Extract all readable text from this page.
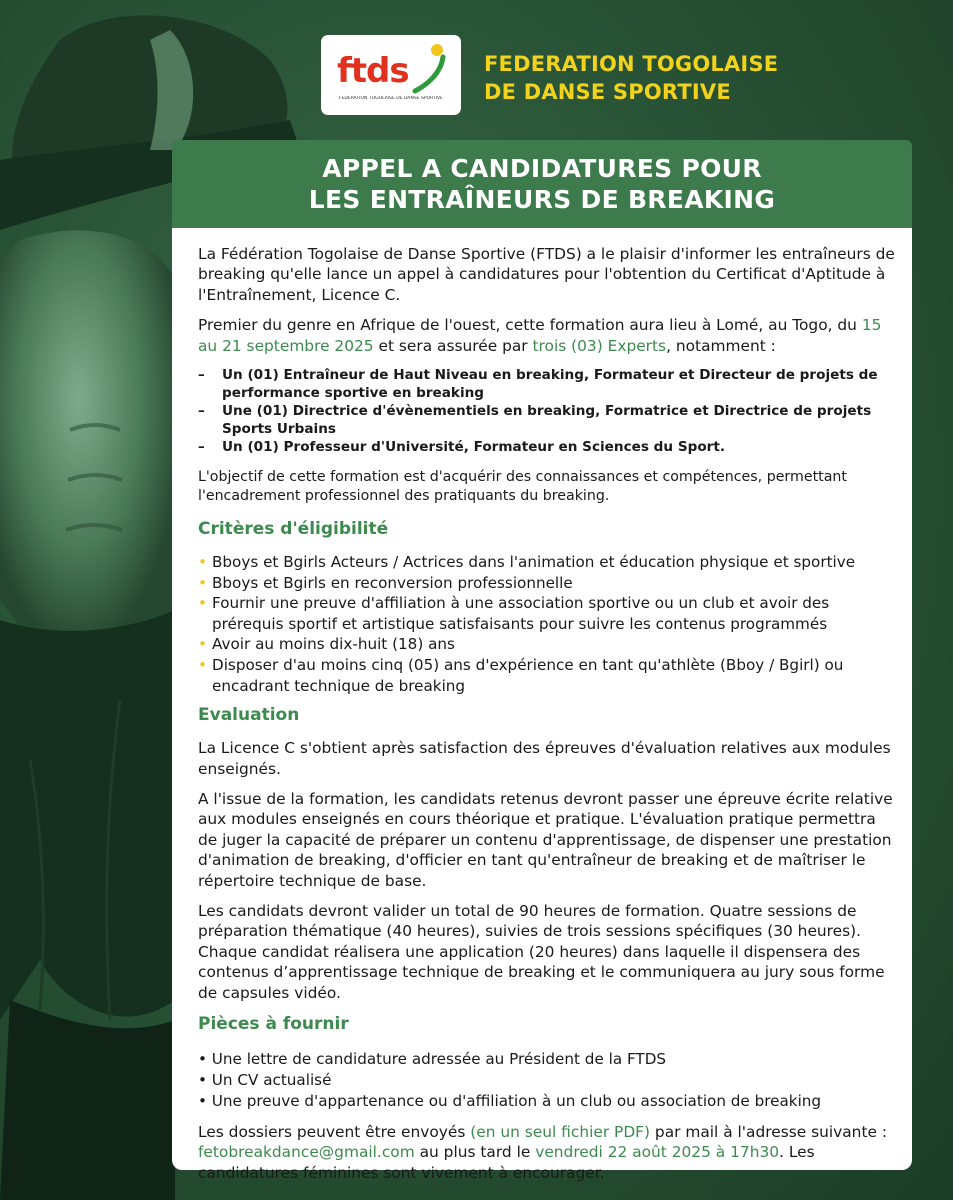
ftds
FÉDÉRATION TOGOLAISE DE DANSE SPORTIVE
FEDERATION TOGOLAISE
DE DANSE SPORTIVE
APPEL A CANDIDATURES POUR
LES ENTRAÎNEURS DE BREAKING

La Fédération Togolaise de Danse Sportive (FTDS) a le plaisir d'informer les entraîneurs de breaking qu'elle lance un appel à candidatures pour l'obtention du Certificat d'Aptitude à l'Entraînement, Licence C.

Premier du genre en Afrique de l'ouest, cette formation aura lieu à Lomé, au Togo, du 15 au 21 septembre 2025 et sera assurée par trois (03) Experts, notamment :

– Un (01) Entraîneur de Haut Niveau en breaking, Formateur et Directeur de projets de performance sportive en breaking
– Une (01) Directrice d'évènementiels en breaking, Formatrice et Directrice de projets Sports Urbains
– Un (01) Professeur d'Université, Formateur en Sciences du Sport.

L'objectif de cette formation est d'acquérir des connaissances et compétences, permettant l'encadrement professionnel des pratiquants du breaking.

Critères d'éligibilité
• Bboys et Bgirls Acteurs / Actrices dans l'animation et éducation physique et sportive
• Bboys et Bgirls en reconversion professionnelle
• Fournir une preuve d'affiliation à une association sportive ou un club et avoir des prérequis sportif et artistique satisfaisants pour suivre les contenus programmés
• Avoir au moins dix-huit (18) ans
• Disposer d'au moins cinq (05) ans d'expérience en tant qu'athlète (Bboy / Bgirl) ou encadrant technique de breaking
Evaluation

La Licence C s'obtient après satisfaction des épreuves d'évaluation relatives aux modules enseignés.

A l'issue de la formation, les candidats retenus devront passer une épreuve écrite relative aux modules enseignés en cours théorique et pratique. L'évaluation pratique permettra de juger la capacité de préparer un contenu d'apprentissage, de dispenser une prestation d'animation de breaking, d'officier en tant qu'entraîneur de breaking et de maîtriser le répertoire technique de base.

Les candidats devront valider un total de 90 heures de formation. Quatre sessions de préparation thématique (40 heures), suivies de trois sessions spécifiques (30 heures). Chaque candidat réalisera une application (20 heures) dans laquelle il dispensera des contenus d’apprentissage technique de breaking et le communiquera au jury sous forme de capsules vidéo.

Pièces à fournir
• Une lettre de candidature adressée au Président de la FTDS
• Un CV actualisé
• Une preuve d'appartenance ou d'affiliation à un club ou association de breaking

Les dossiers peuvent être envoyés (en un seul fichier PDF) par mail à l'adresse suivante : fetobreakdance@gmail.com au plus tard le vendredi 22 août 2025 à 17h30. Les candidatures féminines sont vivement à encourager.
